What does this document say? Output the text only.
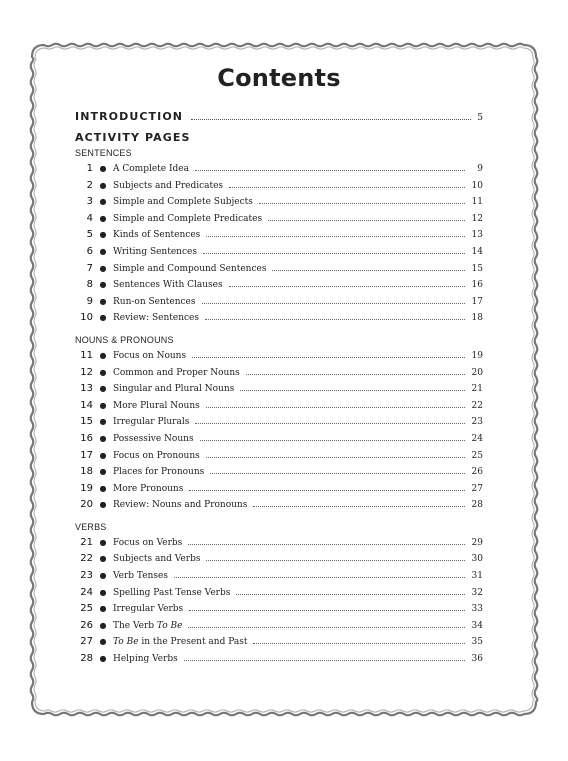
Contents
INTRODUCTION	5
ACTIVITY PAGES
SENTENCES
1 ● A Complete Idea	9
2 ● Subjects and Predicates	10
3 ● Simple and Complete Subjects	11
4 ● Simple and Complete Predicates	12
5 ● Kinds of Sentences	13
6 ● Writing Sentences	14
7 ● Simple and Compound Sentences	15
8 ● Sentences With Clauses	16
9 ● Run-on Sentences	17
10 ● Review: Sentences	18
NOUNS & PRONOUNS
11 ● Focus on Nouns	19
12 ● Common and Proper Nouns	20
13 ● Singular and Plural Nouns	21
14 ● More Plural Nouns	22
15 ● Irregular Plurals	23
16 ● Possessive Nouns	24
17 ● Focus on Pronouns	25
18 ● Places for Pronouns	26
19 ● More Pronouns	27
20 ● Review: Nouns and Pronouns	28
VERBS
21 ● Focus on Verbs	29
22 ● Subjects and Verbs	30
23 ● Verb Tenses	31
24 ● Spelling Past Tense Verbs	32
25 ● Irregular Verbs	33
26 ● The Verb To Be	34
27 ● To Be in the Present and Past	35
28 ● Helping Verbs	36
